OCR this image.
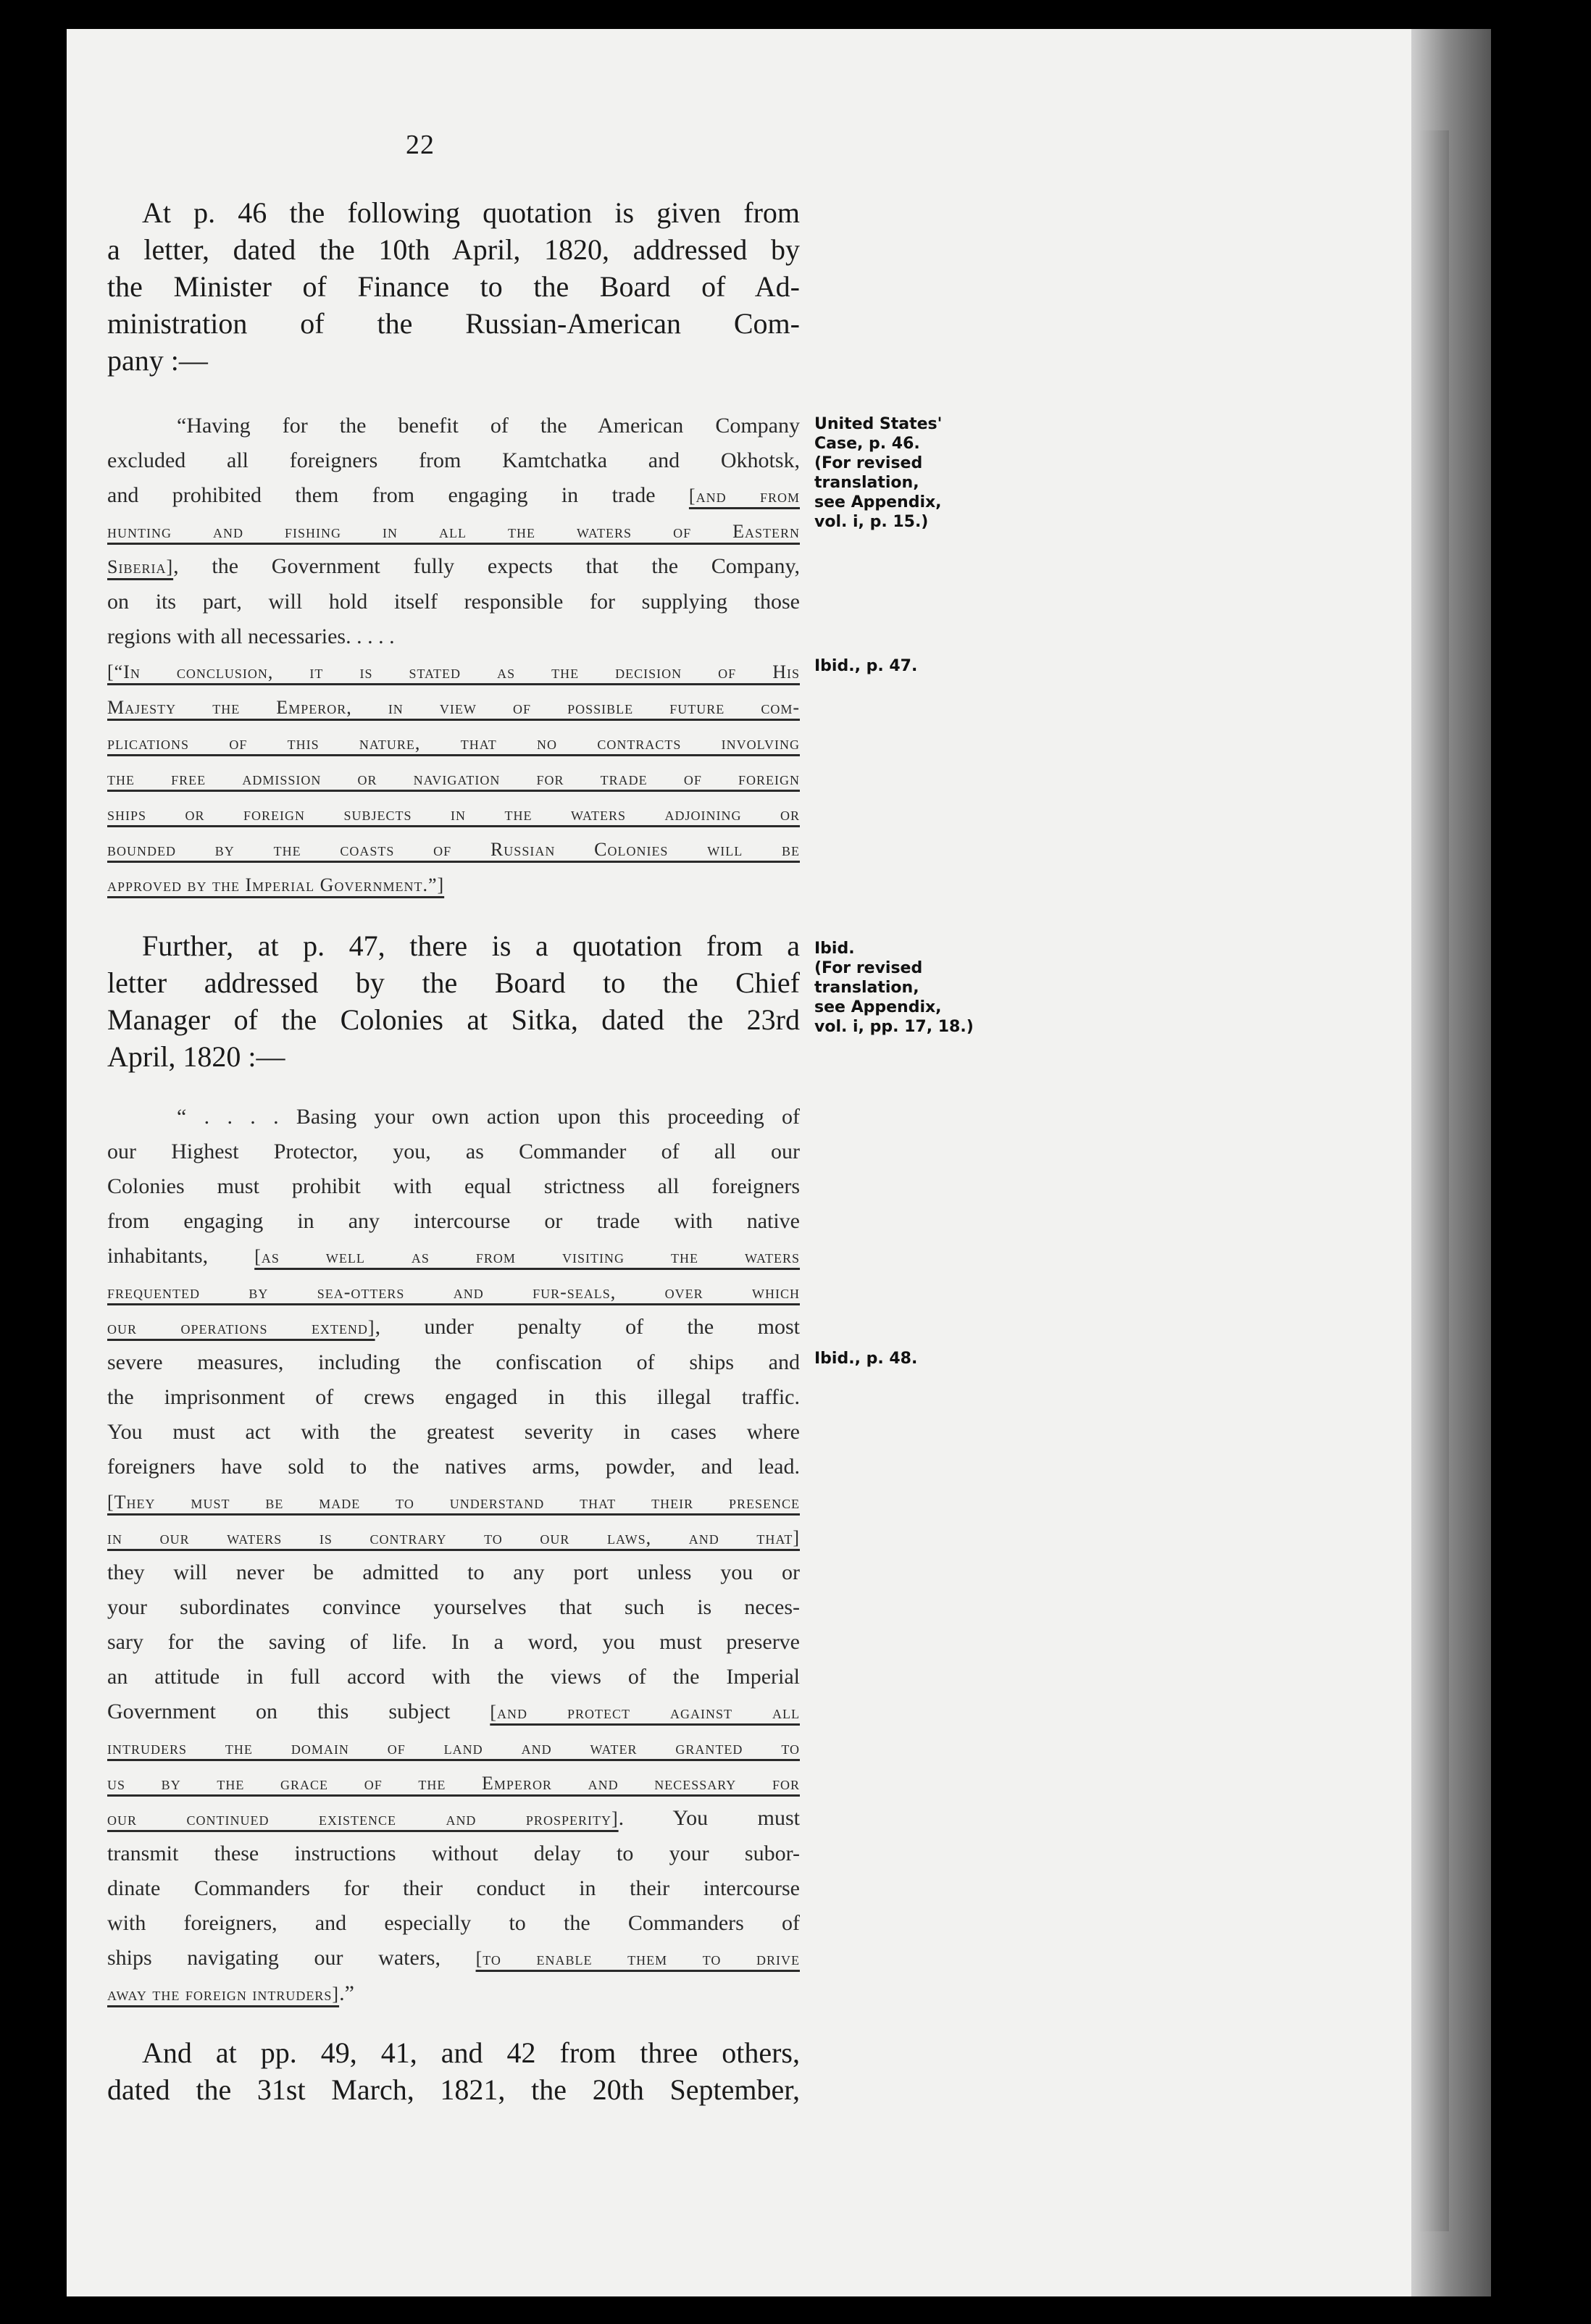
22
At p. 46 the following quotation is given from
a letter, dated the 10th April, 1820, addressed by
the Minister of Finance to the Board of Ad-
ministration of the Russian-American Com-
pany :—
“Having for the benefit of the American Company
excluded all foreigners from Kamtchatka and Okhotsk,
and prohibited them from engaging in trade [and from
hunting and fishing in all the waters of Eastern
Siberia], the Government fully expects that the Company,
on its part, will hold itself responsible for supplying those
regions with all necessaries. . . . .
[“In conclusion, it is stated as the decision of His
Majesty the Emperor, in view of possible future com-
plications of this nature, that no contracts involving
the free admission or navigation for trade of foreign
ships or foreign subjects in the waters adjoining or
bounded by the coasts of Russian Colonies will be
approved by the Imperial Government.”]
Further, at p. 47, there is a quotation from a
letter addressed by the Board to the Chief
Manager of the Colonies at Sitka, dated the 23rd
April, 1820 :—
“ . . . . Basing your own action upon this proceeding of
our Highest Protector, you, as Commander of all our
Colonies must prohibit with equal strictness all foreigners
from engaging in any intercourse or trade with native
inhabitants, [as well as from visiting the waters
frequented by sea-otters and fur-seals, over which
our operations extend], under penalty of the most
severe measures, including the confiscation of ships and
the imprisonment of crews engaged in this illegal traffic.
You must act with the greatest severity in cases where
foreigners have sold to the natives arms, powder, and lead.
[They must be made to understand that their presence
in our waters is contrary to our laws, and that]
they will never be admitted to any port unless you or
your subordinates convince yourselves that such is neces-
sary for the saving of life. In a word, you must preserve
an attitude in full accord with the views of the Imperial
Government on this subject [and protect against all
intruders the domain of land and water granted to
us by the grace of the Emperor and necessary for
our continued existence and prosperity]. You must
transmit these instructions without delay to your subor-
dinate Commanders for their conduct in their intercourse
with foreigners, and especially to the Commanders of
ships navigating our waters, [to enable them to drive
away the foreign intruders].”
And at pp. 49, 41, and 42 from three others,
dated the 31st March, 1821, the 20th September,
United States'
Case, p. 46.
(For revised
translation,
see Appendix,
vol. i, p. 15.)
Ibid., p. 47.
Ibid.
(For revised
translation,
see Appendix,
vol. i, pp. 17, 18.)
Ibid., p. 48.
